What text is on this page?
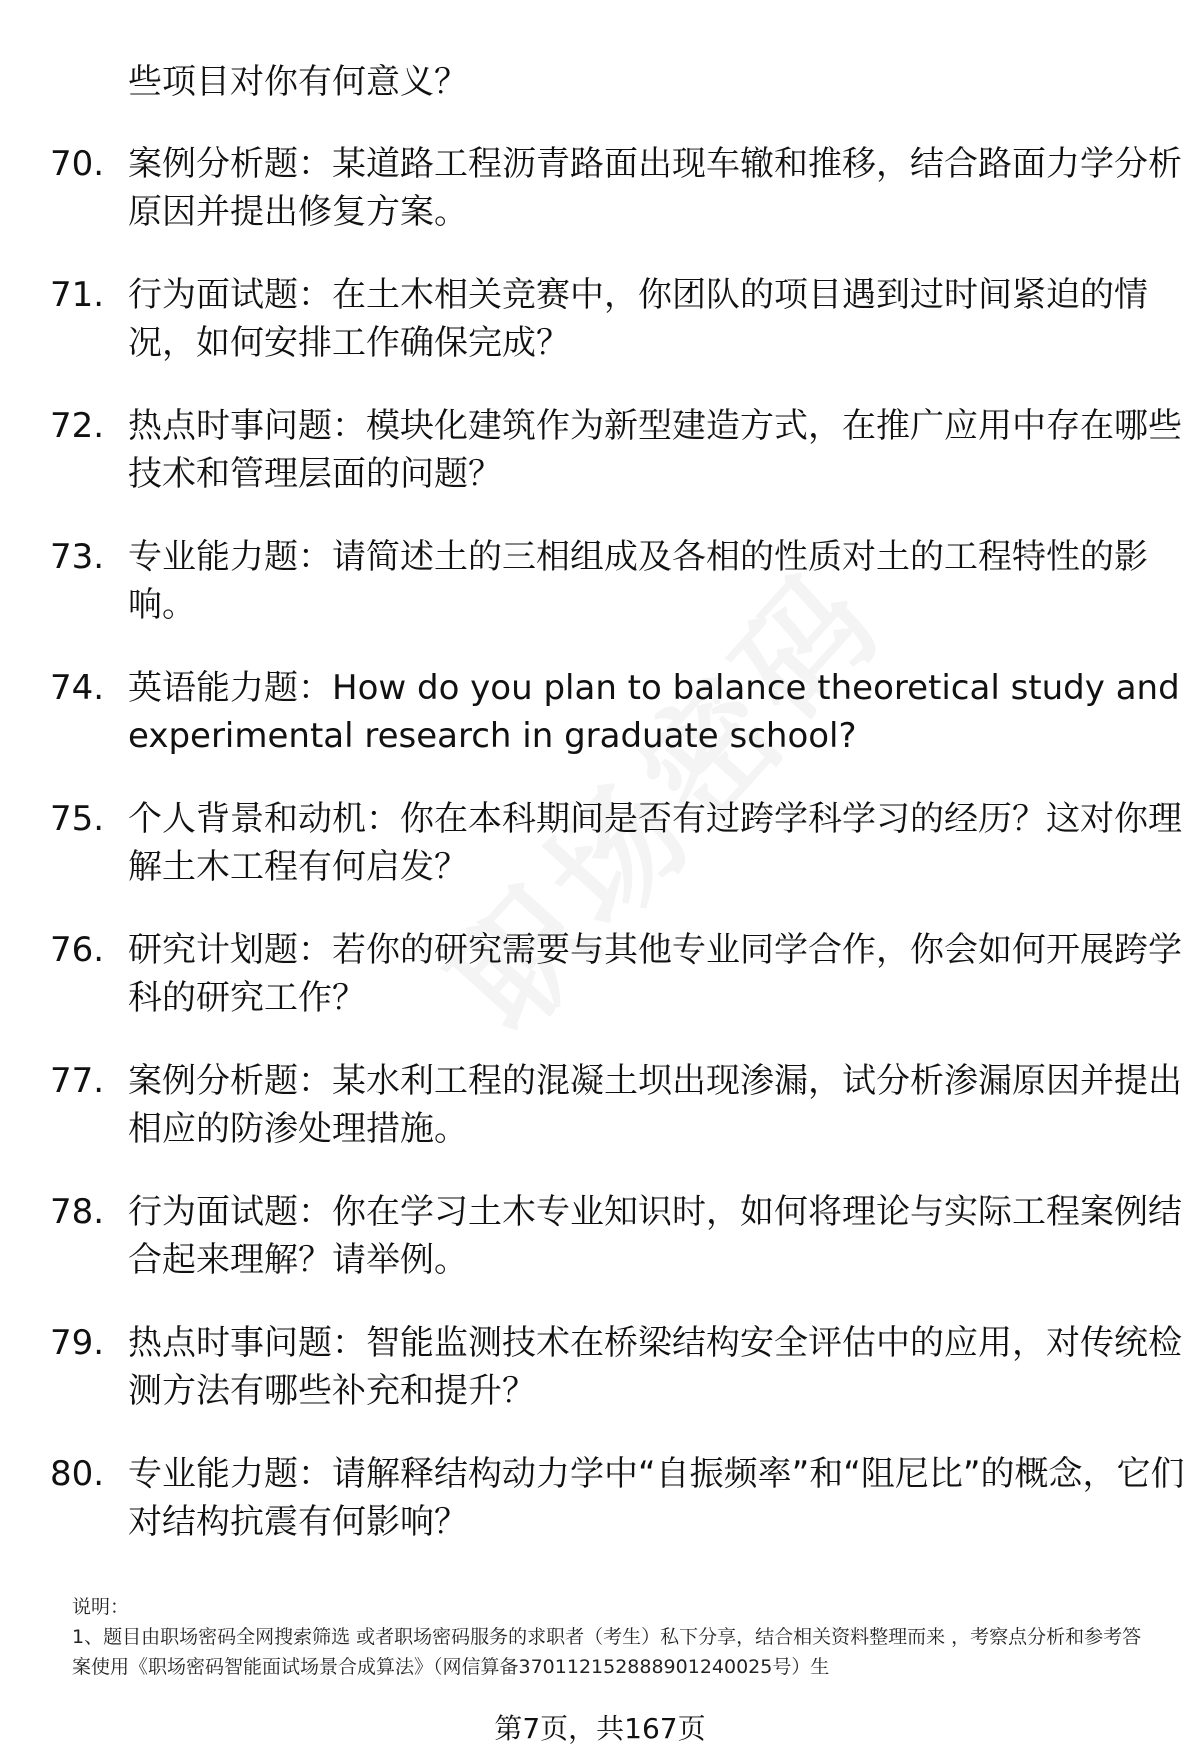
些项目对你有何意义？
70. 案例分析题：某道路工程沥青路面出现车辙和推移，结合路面力学分析原因并提出修复方案。
71. 行为面试题：在土木相关竞赛中，你团队的项目遇到过时间紧迫的情况，如何安排工作确保完成？
72. 热点时事问题：模块化建筑作为新型建造方式，在推广应用中存在哪些技术和管理层面的问题？
73. 专业能力题：请简述土的三相组成及各相的性质对土的工程特性的影响。
74. 英语能力题：How do you plan to balance theoretical study and experimental research in graduate school?
75. 个人背景和动机：你在本科期间是否有过跨学科学习的经历？这对你理解土木工程有何启发？
76. 研究计划题：若你的研究需要与其他专业同学合作，你会如何开展跨学科的研究工作？
77. 案例分析题：某水利工程的混凝土坝出现渗漏，试分析渗漏原因并提出相应的防渗处理措施。
78. 行为面试题：你在学习土木专业知识时，如何将理论与实际工程案例结合起来理解？请举例。
79. 热点时事问题：智能监测技术在桥梁结构安全评估中的应用，对传统检测方法有哪些补充和提升？
80. 专业能力题：请解释结构动力学中“自振频率”和“阻尼比”的概念，它们对结构抗震有何影响？
说明：
1、题目由职场密码全网搜索筛选 或者职场密码服务的求职者（考生）私下分享，结合相关资料整理而来 ，考察点分析和参考答案使用《职场密码智能面试场景合成算法》（网信算备370112152888901240025号）生
第7页，共167页
